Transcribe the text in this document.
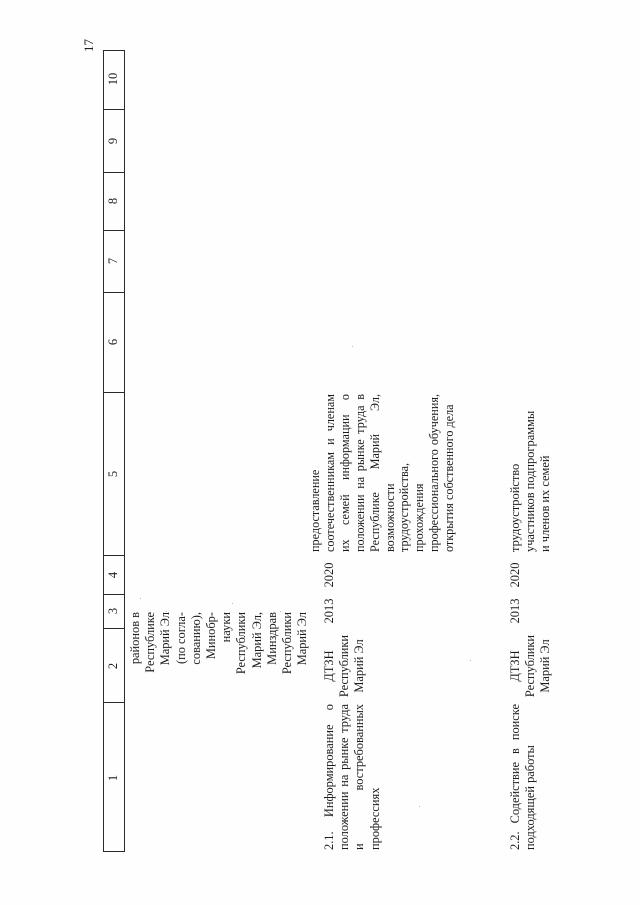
17
10
9
8
7
6
5
4
3
2
1
районов в Республике Марий Эл (по согла- сованию), Минобр- науки Республики Марий Эл, Минздрав Республики Марий Эл
2.1. Информирование о положении на рынке труда и востребованных профессиях
ДТЗН
Республики
Марий Эл
2013
2020
предоставление соотечественникам и членам их семей информации о положении на рынке труда в Республике Марий Эл, возможности трудоустройства, прохождения профессионального обучения, открытия собственного дела
2.2. Содействие в поиске подходящей работы
ДТЗН
Республики
Марий Эл
2013
2020
трудоустройство участников подпрограммы и членов их семей
